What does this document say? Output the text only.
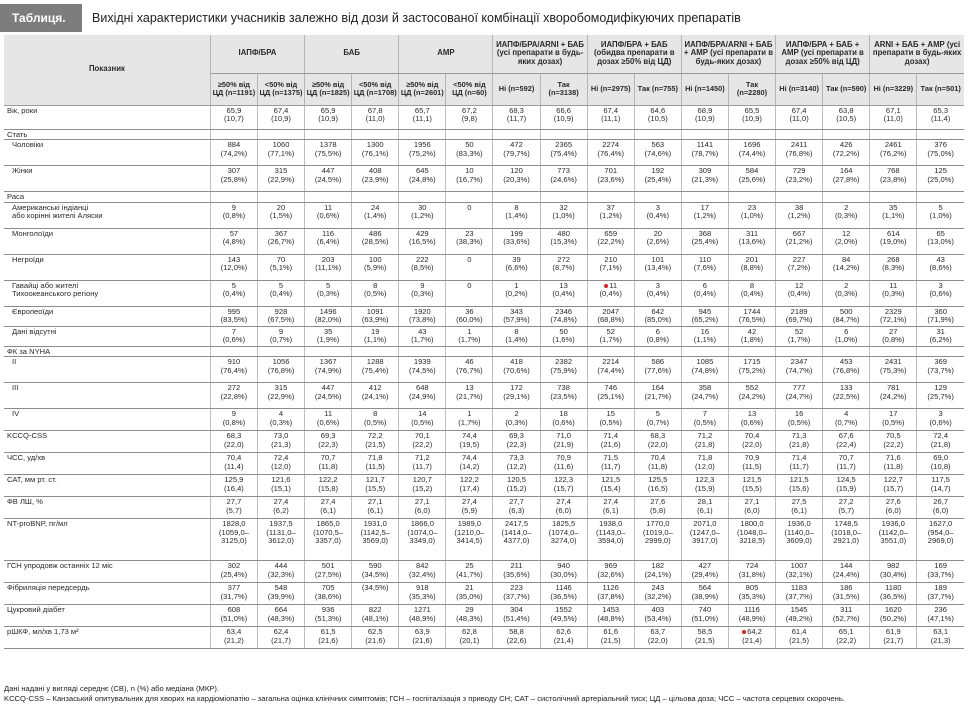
Таблиця.	Вихідні характеристики учасників залежно від дози й застосованої комбінації хворобомодифікуючих препаратів
Показник	ІАПФ/БРА		БАБ		АМР		ИАПФ/БРА/ARNI + БАБ (усі препарати в будь-яких дозах)		ИАПФ/БРА + БАБ (обидва препарати в дозах ≥50% від ЦД)		ИАПФ/БРА/ARNI + БАБ + АМР (усі препарати в будь-яких дозах)		ИАПФ/БРА + БАБ + АМР (усі препарати в дозах ≥50% від ЦД)		ARNI + БАБ + АМР (усі препарати в будь-яких дозах)	
	≥50% від ЦД (n=1191)	<50% від ЦД (n=1375)	≥50% від ЦД (n=1825)	<50% від ЦД (n=1708)	≥50% від ЦД (n=2601)	<50% від ЦД (n=60)	Ні (n=592)	Так (n=3138)	Ні (n=2975)	Так (n=755)	Ні (n=1450)	Так (n=2280)	Ні (n=3140)	Так (n=590)	Ні (n=3229)	Так (n=501)
Вік, роки	65,9
(10,7)	67,4
(10,9)	65,9
(10,9)	67,8
(11,0)	65,7
(11,1)	67,2
(9,8)	68,3
(11,7)	66,6
(10,9)	67,4
(11,1)	64,6
(10,5)	68,9
(10,9)	65,5
(10,9)	67,4
(11,0)	63,8
(10,5)	67,1
(11,0)	65,3
(11,4)
Стать																
Чоловіки	884
(74,2%)	1060
(77,1%)	1378
(75,5%)	1300
(76,1%)	1956
(75,2%)	50
(83,3%)	472
(79,7%)	2365
(75,4%)	2274
(76,4%)	563
(74,6%)	1141
(78,7%)	1696
(74,4%)	2411
(76,8%)	426
(72,2%)	2461
(76,2%)	376
(75,0%)
Жінки	307
(25,8%)	315
(22,9%)	447
(24,5%)	408
(23,9%)	645
(24,8%)	10
(16,7%)	120
(20,3%)	773
(24,6%)	701
(23,6%)	192
(25,4%)	309
(21,3%)	584
(25,6%)	729
(23,2%)	164
(27,8%)	768
(23,8%)	125
(25,0%)
Раса																
Американські індіанці
або корінні жителі Аляски	9
(0,8%)	20
(1,5%)	11
(0,6%)	24
(1,4%)	30
(1,2%)	0	8
(1,4%)	32
(1,0%)	37
(1,2%)	3
(0,4%)	17
(1,2%)	23
(1,0%)	38
(1,2%)	2
(0,3%)	35
(1,1%)	5
(1,0%)
Монголоїди	57
(4,8%)	367
(26,7%)	116
(6,4%)	486
(28,5%)	429
(16,5%)	23
(38,3%)	199
(33,6%)	480
(15,3%)	659
(22,2%)	20
(2,6%)	368
(25,4%)	311
(13,6%)	667
(21,2%)	12
(2,0%)	614
(19,0%)	65
(13,0%)
Негроїди	143
(12,0%)	70
(5,1%)	203
(11,1%)	100
(5,9%)	222
(8,5%)	0	39
(6,6%)	272
(8,7%)	210
(7,1%)	101
(13,4%)	110
(7,6%)	201
(8,8%)	227
(7,2%)	84
(14,2%)	268
(8,3%)	43
(8,6%)
Гавайці або жителі
Тихоокеанського регіону	5
(0,4%)	5
(0,4%)	5
(0,3%)	8
(0,5%)	9
(0,3%)	0	1
(0,2%)	13
(0,4%)	11
(0,4%)	3
(0,4%)	6
(0,4%)	8
(0,4%)	12
(0,4%)	2
(0,3%)	11
(0,3%)	3
(0,6%)
Європеоїди	995
(83,5%)	928
(67,5%)	1496
(82,0%)	1091
(63,9%)	1920
(73,8%)	36
(60,0%)	343
(57,9%)	2346
(74,8%)	2047
(68,8%)	642
(85,0%)	945
(65,2%)	1744
(76,5%)	2189
(69,7%)	500
(84,7%)	2329
(72,1%)	360
(71,9%)
Дані відсутні	7
(0,6%)	9
(0,7%)	35
(1,9%)	19
(1,1%)	43
(1,7%)	1
(1,7%)	8
(1,4%)	50
(1,6%)	52
(1,7%)	6
(0,8%)	16
(1,1%)	42
(1,8%)	52
(1,7%)	6
(1,0%)	27
(0,8%)	31
(6,2%)
ФК за NYHA																
ІІ	910
(76,4%)	1056
(76,8%)	1367
(74,9%)	1288
(75,4%)	1939
(74,5%)	46
(76,7%)	418
(70,6%)	2382
(75,9%)	2214
(74,4%)	586
(77,6%)	1085
(74,8%)	1715
(75,2%)	2347
(74,7%)	453
(76,8%)	2431
(75,3%)	369
(73,7%)
ІІІ	272
(22,8%)	315
(22,9%)	447
(24,5%)	412
(24,1%)	648
(24,9%)	13
(21,7%)	172
(29,1%)	738
(23,5%)	746
(25,1%)	164
(21,7%)	358
(24,7%)	552
(24,2%)	777
(24,7%)	133
(22,5%)	781
(24,2%)	129
(25,7%)
IV	9
(0,8%)	4
(0,3%)	11
(0,6%)	8
(0,5%)	14
(0,5%)	1
(1,7%)	2
(0,3%)	18
(0,6%)	15
(0,5%)	5
(0,7%)	7
(0,5%)	13
(0,6%)	16
(0,5%)	4
(0,7%)	17
(0,5%)	3
(0,6%)
KCCQ-CSS	68,3
(22,0)	73,0
(21,3)	69,3
(22,3)	72,2
(21,5)	70,1
(22,2)	74,4
(19,5)	69,3
(22,3)	71,0
(21,9)	71,4
(21,6)	68,3
(22,0)	71,2
(21,8)	70,4
(22,0)	71,3
(21,8)	67,6
(22,4)	70,5
(22,2)	72,4
(21,8)
ЧСС, уд/хв	70,4
(11,4)	72,4
(12,0)	70,7
(11,8)	71,8
(11,5)	71,2
(11,7)	74,4
(14,2)	73,3
(12,2)	70,9
(11,6)	71,5
(11,7)	70,4
(11,8)	71,8
(12,0)	70,9
(11,5)	71,4
(11,7)	70,7
(11,7)	71,6
(11,8)	69,0
(10,8)
САТ, мм рт. ст.	125,9
(16,4)	121,6
(15,1)	122,2
(15,8)	121,7
(15,5)	120,7
(15,2)	122,2
(17,4)	120,5
(15,2)	122,3
(15,7)	121,5
(15,4)	125,5
(16,5)	122,3
(15,9)	121,5
(15,5)	121,5
(15,6)	124,5
(15,9)	122,7
(15,7)	117,5
(14,7)
ФВ ЛШ, %	27,7
(5,7)	27,4
(6,2)	27,4
(6,1)	27,1
(6,1)	27,1
(6,0)	27,4
(5,9)	27,7
(6,3)	27,4
(6,0)	27,4
(6,1)	27,6
(5,8)	28,1
(6,1)	27,1
(6,0)	27,5
(6,1)	27,2
(5,7)	27,6
(6,0)	26,7
(6,0)
NT-proBNP, пг/мл	1828,0
(1059,0–
3125,0)	1937,5
(1131,0–
3612,0)	1865,0
(1070,5–
3357,0)	1931,0
(1142,5–
3569,0)	1866,0
(1074,0–
3349,0)	1989,0
(1210,0–
3414,5)	2417,5
(1414,0–
4377,0)	1825,5
(1074,0–
3274,0)	1938,0
(1143,0–
3594,0)	1770,0
(1019,0–
2999,0)	2071,0
(1247,0–
3917,0)	1800,0
(1048,0–
3218,5)	1936,0
(1140,0–
3609,0)	1748,5
(1018,0–
2921,0)	1936,0
(1142,0–
3551,0)	1627,0
(954,0–
2969,0)
ГСН упродовж останніх 12 міс	302
(25,4%)	444
(32,3%)	501
(27,5%)	590
(34,5%)	842
(32,4%)	25
(41,7%)	211
(35,6%)	940
(30,0%)	969
(32,6%)	182
(24,1%)	427
(29,4%)	724
(31,8%)	1007
(32,1%)	144
(24,4%)	982
(30,4%)	169
(33,7%)
Фібриляція передсердь	377
(31,7%)	548
(39,9%)	705
(38,6%)	(34,5%)	918
(35,3%)	21
(35,0%)	223
(37,7%)	1146
(36,5%)	1126
(37,8%)	243
(32,2%)	564
(38,9%)	805
(35,3%)	1183
(37,7%)	186
(31,5%)	1180
(36,5%)	189
(37,7%)
Цукровий діабет	608
(51,0%)	664
(48,3%)	936
(51,3%)	822
(48,1%)	1271
(48,9%)	29
(48,3%)	304
(51,4%)	1552
(49,5%)	1453
(48,8%)	403
(53,4%)	740
(51,0%)	1116
(48,9%)	1545
(49,2%)	311
(52,7%)	1620
(50,2%)	236
(47,1%)
рШКФ, мл/хв 1,73 м²	63,4
(21,2)	62,4
(21,7)	61,5
(21,6)	62,5
(21,6)	63,9
(21,6)	62,8
(20,1)	58,8
(22,6)	62,6
(21,4)	61,6
(21,5)	63,7
(22,0)	58,5
(21,5)	64,2
(21,4)	61,4
(21,5)	65,1
(22,2)	61,9
(21,7)	63,1
(21,3)
Дані надані у вигляді середнє (СВ), n (%) або медіана (МКР).
KCCQ-CSS – Канзаський опитувальник для хворих на кардіоміопатію – загальна оцінка клінічних симптомів; ГСН – госпіталізація з приводу СН; САТ – систолічний артеріальний тиск; ЦД – цільова доза; ЧСС – частота серцевих скорочень.
